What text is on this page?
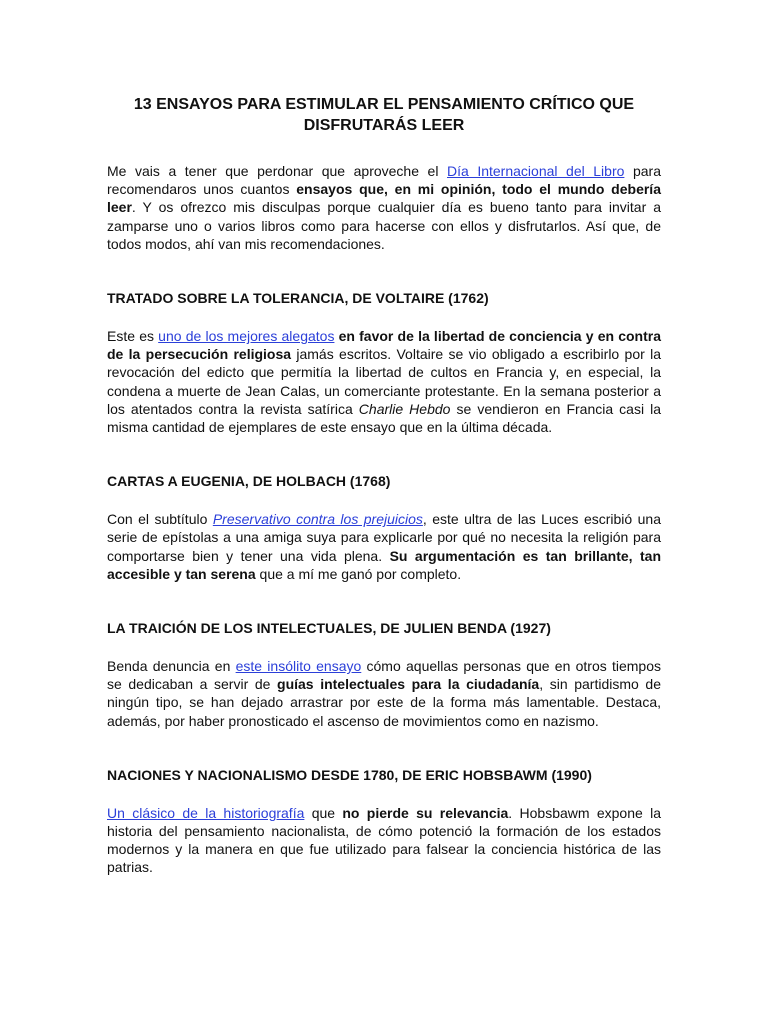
13 ENSAYOS PARA ESTIMULAR EL PENSAMIENTO CRÍTICO QUE
DISFRUTARÁS LEER

Me vais a tener que perdonar que aproveche el Día Internacional del Libro para recomendaros unos cuantos ensayos que, en mi opinión, todo el mundo debería leer. Y os ofrezco mis disculpas porque cualquier día es bueno tanto para invitar a zamparse uno o varios libros como para hacerse con ellos y disfrutarlos. Así que, de todos modos, ahí van mis recomendaciones.

TRATADO SOBRE LA TOLERANCIA, DE VOLTAIRE (1762)

Este es uno de los mejores alegatos en favor de la libertad de conciencia y en contra de la persecución religiosa jamás escritos. Voltaire se vio obligado a escribirlo por la revocación del edicto que permitía la libertad de cultos en Francia y, en especial, la condena a muerte de Jean Calas, un comerciante protestante. En la semana posterior a los atentados contra la revista satírica Charlie Hebdo se vendieron en Francia casi la misma cantidad de ejemplares de este ensayo que en la última década.

CARTAS A EUGENIA, DE HOLBACH (1768)

Con el subtítulo Preservativo contra los prejuicios, este ultra de las Luces escribió una serie de epístolas a una amiga suya para explicarle por qué no necesita la religión para comportarse bien y tener una vida plena. Su argumentación es tan brillante, tan accesible y tan serena que a mí me ganó por completo.

LA TRAICIÓN DE LOS INTELECTUALES, DE JULIEN BENDA (1927)

Benda denuncia en este insólito ensayo cómo aquellas personas que en otros tiempos se dedicaban a servir de guías intelectuales para la ciudadanía, sin partidismo de ningún tipo, se han dejado arrastrar por este de la forma más lamentable. Destaca, además, por haber pronosticado el ascenso de movimientos como en nazismo.

NACIONES Y NACIONALISMO DESDE 1780, DE ERIC HOBSBAWM (1990)

Un clásico de la historiografía que no pierde su relevancia. Hobsbawm expone la historia del pensamiento nacionalista, de cómo potenció la formación de los estados modernos y la manera en que fue utilizado para falsear la conciencia histórica de las patrias.
